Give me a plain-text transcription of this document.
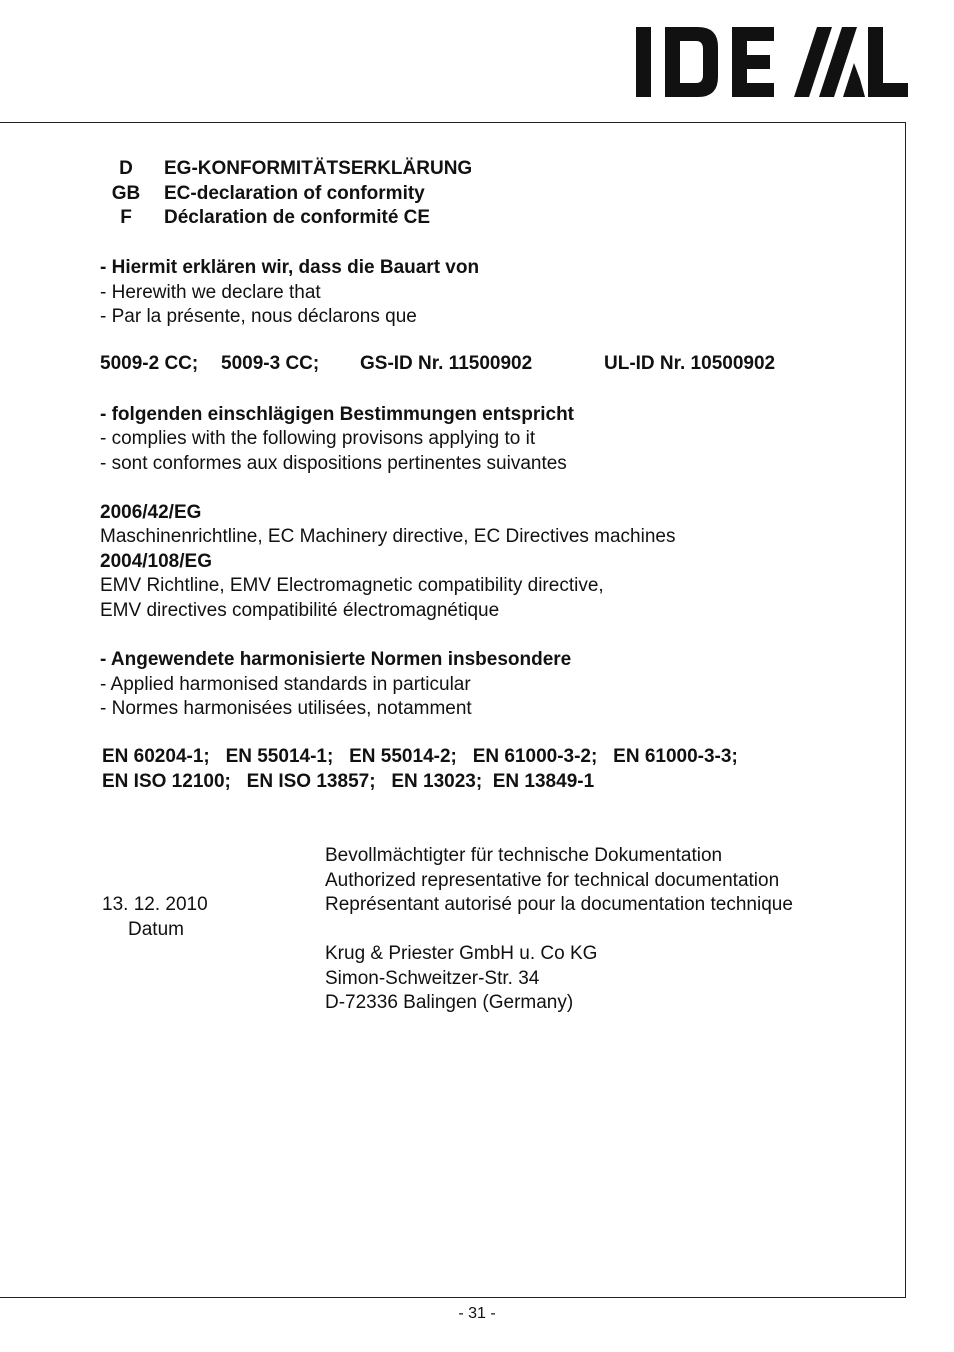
D	EG-KONFORMITÄTSERKLÄRUNG
GB	EC-declaration of conformity
F	Déclaration de conformité CE
- Hiermit erklären wir, dass die Bauart von
- Herewith we declare that
- Par la présente, nous déclarons que
5009-2 CC; 5009-3 CC; GS-ID Nr. 11500902	UL-ID Nr. 10500902
- folgenden einschlägigen Bestimmungen entspricht
- complies with the following provisons applying to it
- sont conformes aux dispositions pertinentes suivantes
2006/42/EG
Maschinenrichtline, EC Machinery directive, EC Directives machines
2004/108/EG
EMV Richtline, EMV Electromagnetic compatibility directive,
EMV directives compatibilité électromagnétique
- Angewendete harmonisierte Normen insbesondere
- Applied harmonised standards in particular
- Normes harmonisées utilisées, notamment
EN 60204-1;   EN 55014-1;   EN 55014-2;   EN 61000-3-2;   EN 61000-3-3;
EN ISO 12100;   EN ISO 13857;   EN 13023;  EN 13849-1
Bevollmächtigter für technische Dokumentation
Authorized representative for technical documentation
13. 12. 2010	Représentant autorisé pour la documentation technique
Datum
Krug & Priester GmbH u. Co KG
Simon-Schweitzer-Str. 34
D-72336 Balingen (Germany)
- 31 -
